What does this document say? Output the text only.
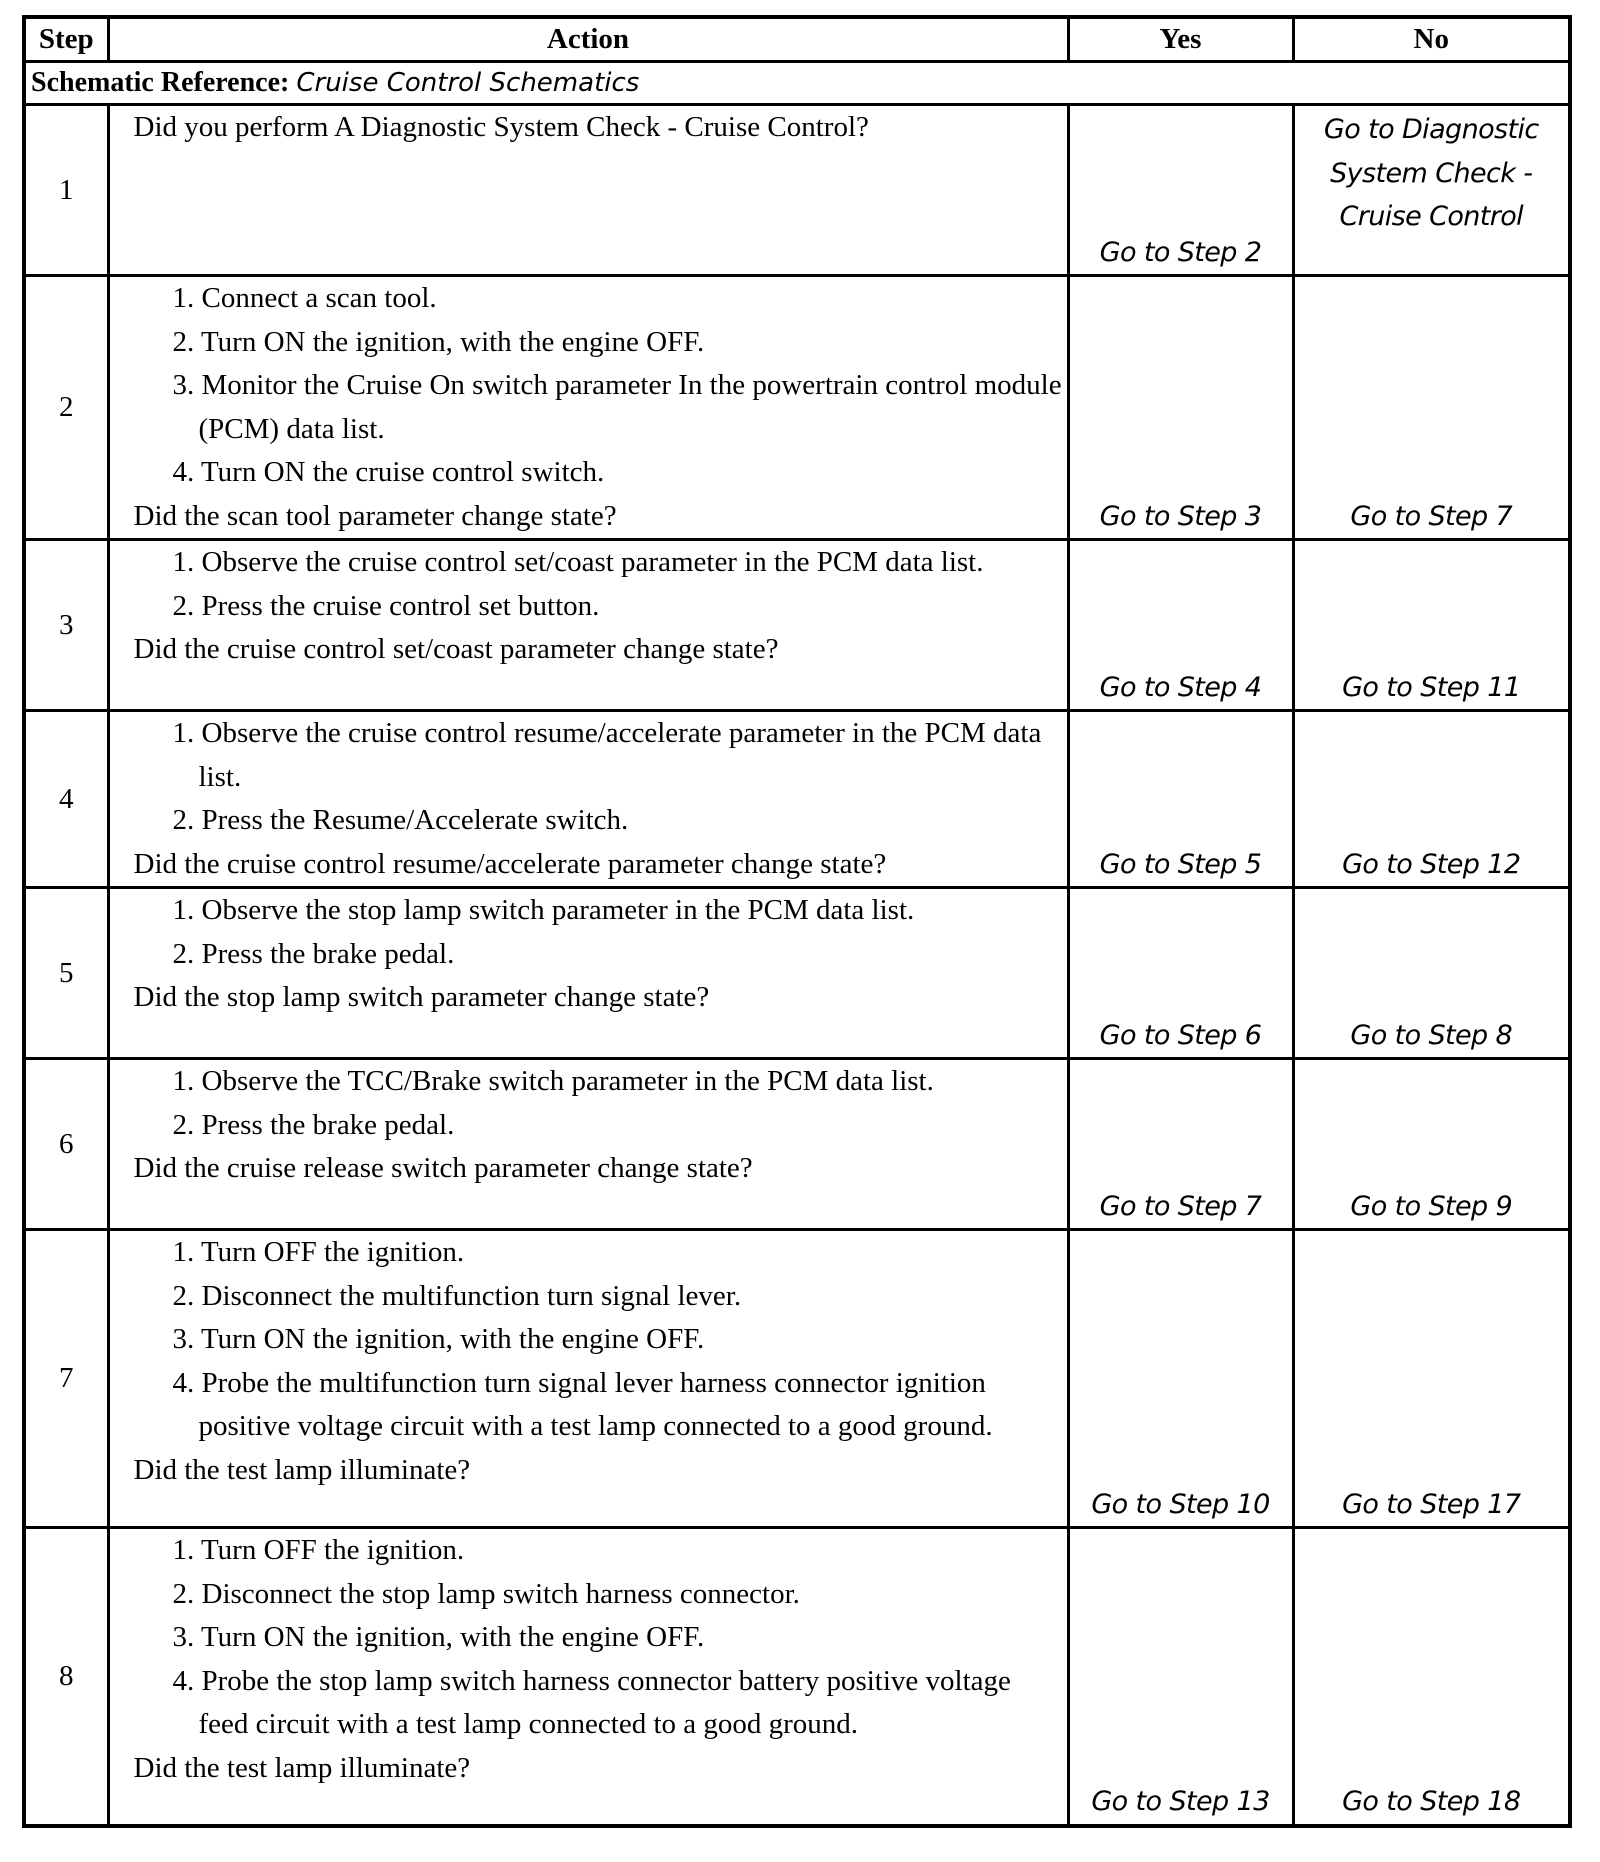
Step	Action	Yes	No
Schematic Reference: Cruise Control Schematics			
1	Did you perform A Diagnostic System Check - Cruise Control?	Go to Step 2	Go to Diagnostic
System Check -
Cruise Control

2	1. Connect a scan tool.
2. Turn ON the ignition, with the engine OFF.
3. Monitor the Cruise On switch parameter In the powertrain control module (PCM) data list.
4. Turn ON the cruise control switch.
Did the scan tool parameter change state?	Go to Step 3	Go to Step 7
3	1. Observe the cruise control set/coast parameter in the PCM data list.
2. Press the cruise control set button.
Did the cruise control set/coast parameter change state?	Go to Step 4	Go to Step 11
4	1. Observe the cruise control resume/accelerate parameter in the PCM data list.
2. Press the Resume/Accelerate switch.
Did the cruise control resume/accelerate parameter change state?	Go to Step 5	Go to Step 12
5	1. Observe the stop lamp switch parameter in the PCM data list.
2. Press the brake pedal.
Did the stop lamp switch parameter change state?	Go to Step 6	Go to Step 8
6	1. Observe the TCC/Brake switch parameter in the PCM data list.
2. Press the brake pedal.
Did the cruise release switch parameter change state?	Go to Step 7	Go to Step 9
7	1. Turn OFF the ignition.
2. Disconnect the multifunction turn signal lever.
3. Turn ON the ignition, with the engine OFF.
4. Probe the multifunction turn signal lever harness connector ignition positive voltage circuit with a test lamp connected to a good ground.
Did the test lamp illuminate?	Go to Step 10	Go to Step 17
8	1. Turn OFF the ignition.
2. Disconnect the stop lamp switch harness connector.
3. Turn ON the ignition, with the engine OFF.
4. Probe the stop lamp switch harness connector battery positive voltage feed circuit with a test lamp connected to a good ground.
Did the test lamp illuminate?	Go to Step 13	Go to Step 18
